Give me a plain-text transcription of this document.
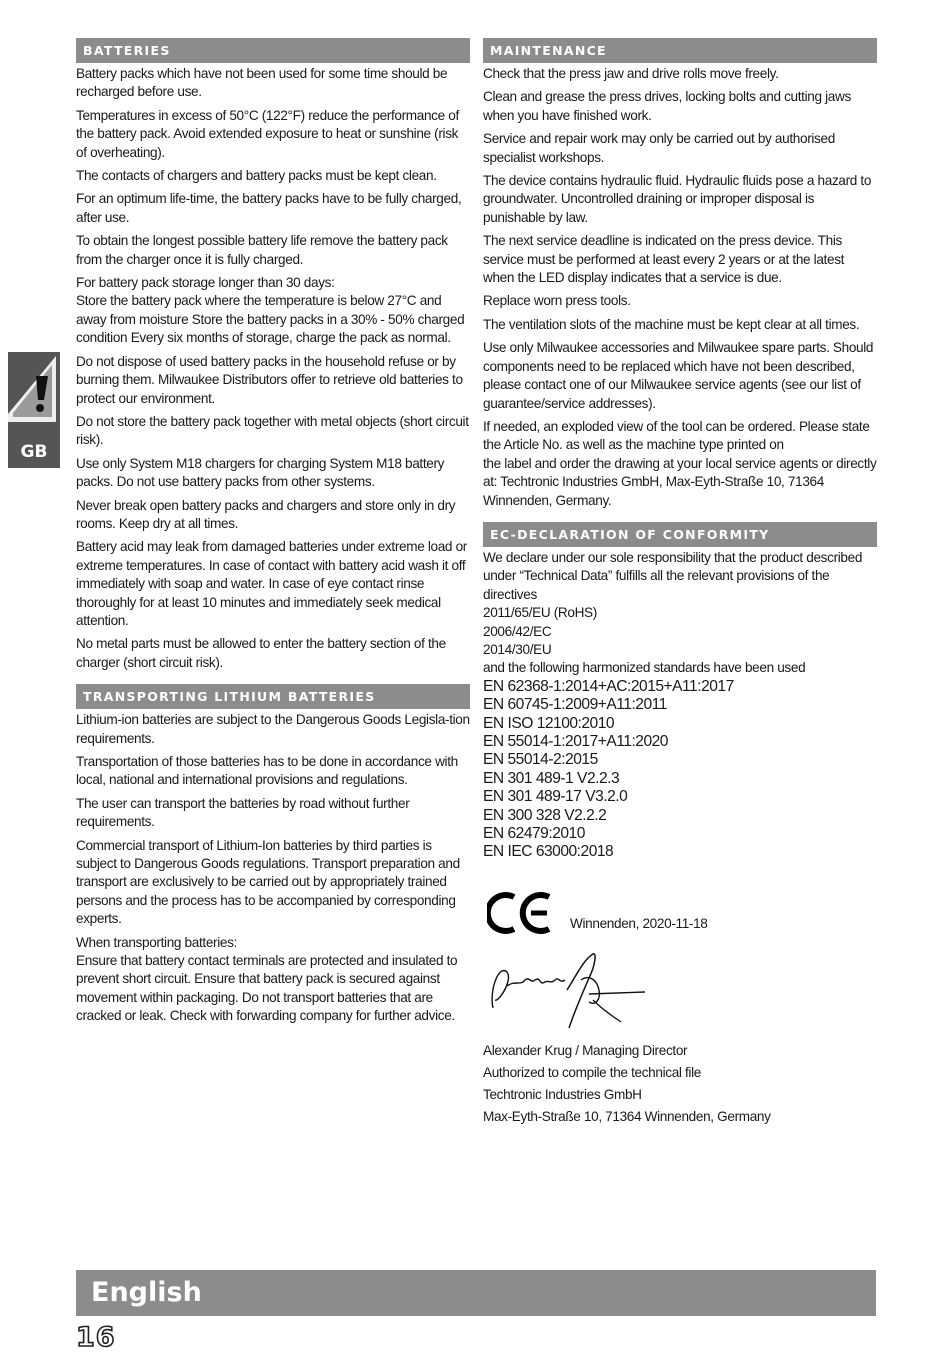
GB
BATTERIES

Battery packs which have not been used for some time should be recharged before use.

Temperatures in excess of 50°C (122°F) reduce the performance of the battery pack. Avoid extended exposure to heat or sunshine (risk of overheating).

The contacts of chargers and battery packs must be kept clean.

For an optimum life-time, the battery packs have to be fully charged, after use.

To obtain the longest possible battery life remove the battery pack from the charger once it is fully charged.

For battery pack storage longer than 30 days:
Store the battery pack where the temperature is below 27°C and away from moisture Store the battery packs in a 30% - 50% charged condition Every six months of storage, charge the pack as normal.

Do not dispose of used battery packs in the household refuse or by burning them. Milwaukee Distributors offer to retrieve old batteries to protect our environment.

Do not store the battery pack together with metal objects (short circuit risk).

Use only System M18 chargers for charging System M18 battery packs. Do not use battery packs from other systems.

Never break open battery packs and chargers and store only in dry rooms. Keep dry at all times.

Battery acid may leak from damaged batteries under extreme load or extreme temperatures. In case of contact with battery acid wash it off immediately with soap and water. In case of eye contact rinse thoroughly for at least 10 minutes and immediately seek medical attention.

No metal parts must be allowed to enter the battery section of the charger (short circuit risk).

TRANSPORTING LITHIUM BATTERIES

Lithium-ion batteries are subject to the Dangerous Goods Legisla-tion requirements.

Transportation of those batteries has to be done in accordance with local, national and international provisions and regulations.

The user can transport the batteries by road without further requirements.

Commercial transport of Lithium-Ion batteries by third parties is subject to Dangerous Goods regulations. Transport preparation and transport are exclusively to be carried out by appropriately trained persons and the process has to be accompanied by corresponding experts.

When transporting batteries:
Ensure that battery contact terminals are protected and insulated to prevent short circuit. Ensure that battery pack is secured against movement within packaging. Do not transport batteries that are cracked or leak. Check with forwarding company for further advice.

MAINTENANCE

Check that the press jaw and drive rolls move freely.

Clean and grease the press drives, locking bolts and cutting jaws when you have finished work.

Service and repair work may only be carried out by authorised specialist workshops.

The device contains hydraulic fluid. Hydraulic fluids pose a hazard to groundwater. Uncontrolled draining or improper disposal is punishable by law.

The next service deadline is indicated on the press device. This service must be performed at least every 2 years or at the latest when the LED display indicates that a service is due.

Replace worn press tools.

The ventilation slots of the machine must be kept clear at all times.

Use only Milwaukee accessories and Milwaukee spare parts. Should components need to be replaced which have not been described, please contact one of our Milwaukee service agents (see our list of guarantee/service addresses).

If needed, an exploded view of the tool can be ordered. Please state the Article No. as well as the machine type printed on
the label and order the drawing at your local service agents or directly at: Techtronic Industries GmbH, Max-Eyth-Straße 10, 71364 Winnenden, Germany.

EC-DECLARATION OF CONFORMITY

We declare under our sole responsibility that the product described under “Technical Data” fulfills all the relevant provisions of the directives
2011/65/EU (RoHS)
2006/42/EC
2014/30/EU
and the following harmonized standards have been used

EN 62368-1:2014+AC:2015+A11:2017
EN 60745-1:2009+A11:2011
EN ISO 12100:2010
EN 55014-1:2017+A11:2020
EN 55014-2:2015
EN 301 489-1 V2.2.3
EN 301 489-17 V3.2.0
EN 300 328 V2.2.2
EN 62479:2010
EN IEC 63000:2018

Winnenden, 2020-11-18
Alexander Krug / Managing Director
Authorized to compile the technical file
Techtronic Industries GmbH
Max-Eyth-Straße 10, 71364 Winnenden, Germany
English
16
